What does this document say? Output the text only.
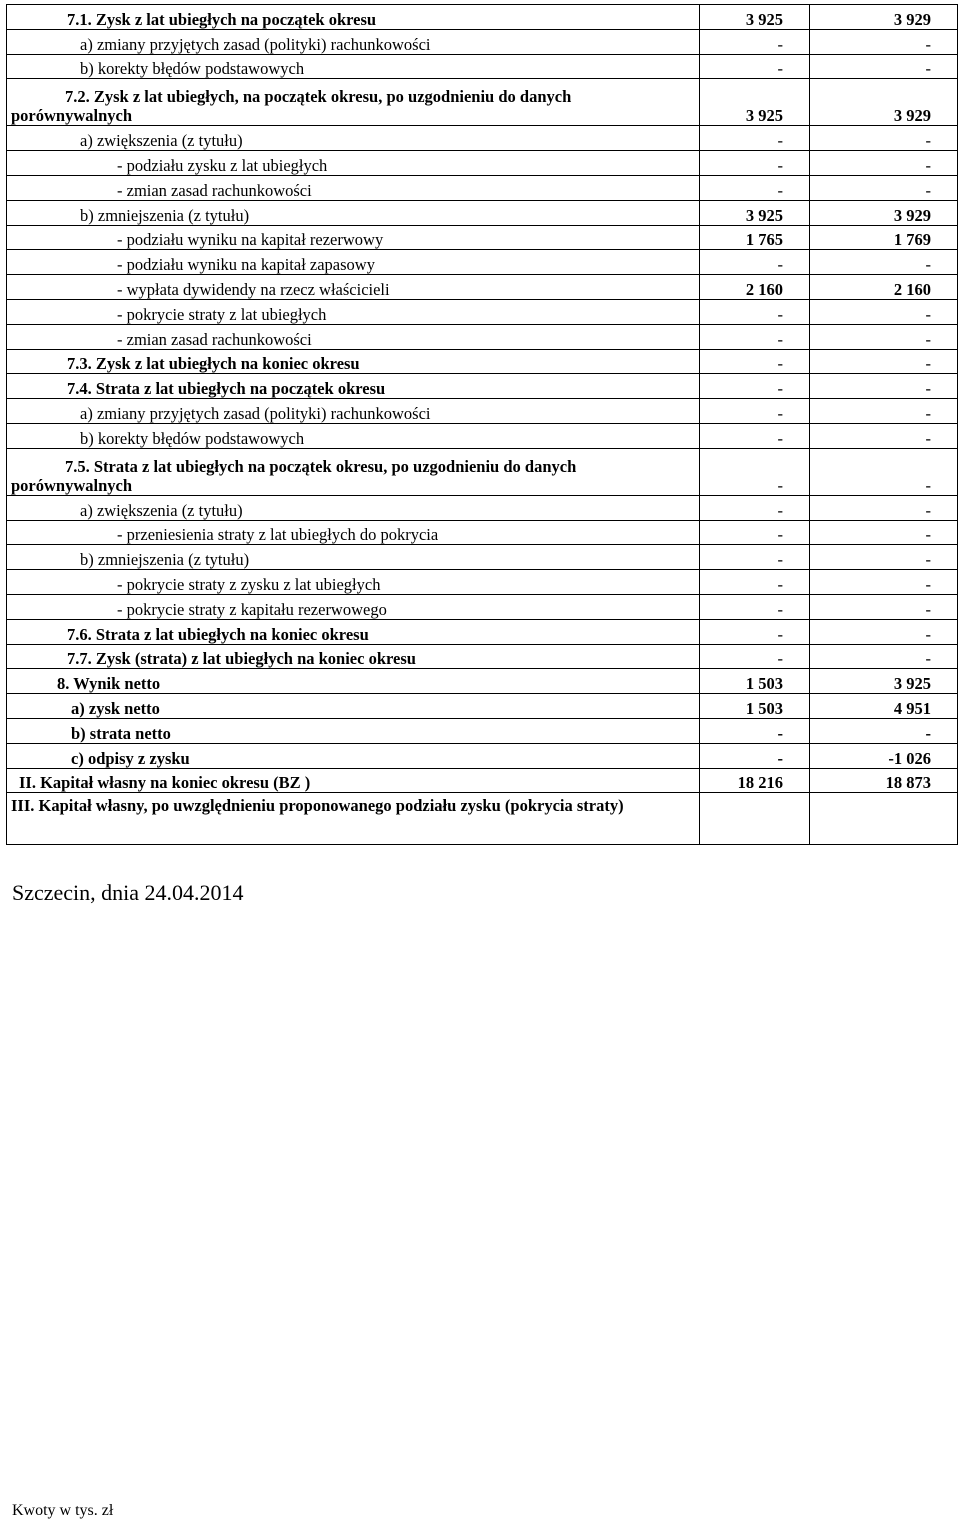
7.1. Zysk z lat ubiegłych na początek okresu	3 925	3 929
a) zmiany przyjętych zasad (polityki) rachunkowości	-	-
b) korekty błędów podstawowych	-	-
7.2. Zysk z lat ubiegłych, na początek okresu, po uzgodnieniu do danych
porównywalnych	3 925	3 929
a) zwiększenia (z tytułu)	-	-
- podziału zysku z lat ubiegłych	-	-
- zmian zasad rachunkowości	-	-
b) zmniejszenia (z tytułu)	3 925	3 929
- podziału wyniku na kapitał rezerwowy	1 765	1 769
- podziału wyniku na kapitał zapasowy	-	-
- wypłata dywidendy na rzecz właścicieli	2 160	2 160
- pokrycie straty z lat ubiegłych	-	-
- zmian zasad rachunkowości	-	-
7.3. Zysk z lat ubiegłych na koniec okresu	-	-
7.4. Strata z lat ubiegłych na początek okresu	-	-
a) zmiany przyjętych zasad (polityki) rachunkowości	-	-
b) korekty błędów podstawowych	-	-
7.5. Strata z lat ubiegłych na początek okresu, po uzgodnieniu do danych
porównywalnych	-	-
a) zwiększenia (z tytułu)	-	-
- przeniesienia straty z lat ubiegłych do pokrycia	-	-
b) zmniejszenia (z tytułu)	-	-
- pokrycie straty z zysku z lat ubiegłych	-	-
- pokrycie straty z kapitału rezerwowego	-	-
7.6. Strata z lat ubiegłych na koniec okresu	-	-
7.7. Zysk (strata) z lat ubiegłych na koniec okresu	-	-
8. Wynik netto	1 503	3 925
a) zysk netto	1 503	4 951
b) strata netto	-	-
c) odpisy z zysku	-	-1 026
II. Kapitał własny na koniec okresu (BZ )	18 216	18 873
III. Kapitał własny, po uwzględnieniu proponowanego podziału zysku (pokrycia straty)		

Szczecin, dnia 24.04.2014

Kwoty w tys. zł
